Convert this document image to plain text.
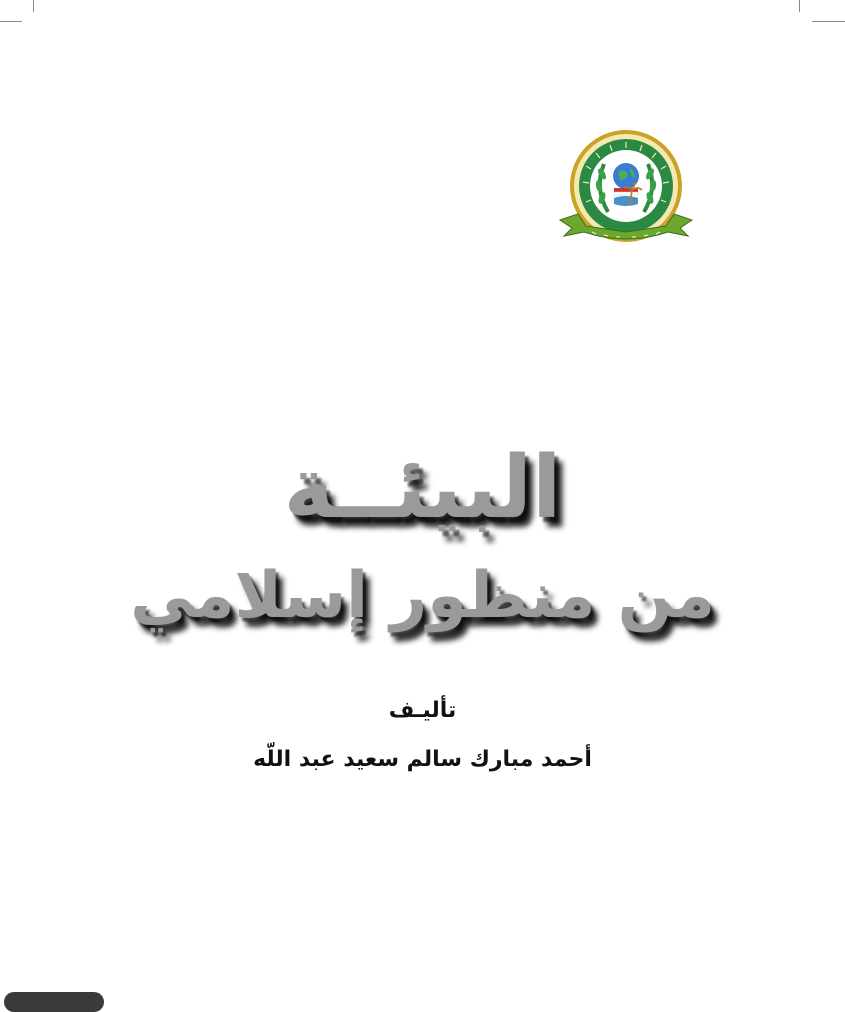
البيئــة
من منظور إسلامي
تأليـف
أحمد مبارك سالم سعيد عبد اللّه
